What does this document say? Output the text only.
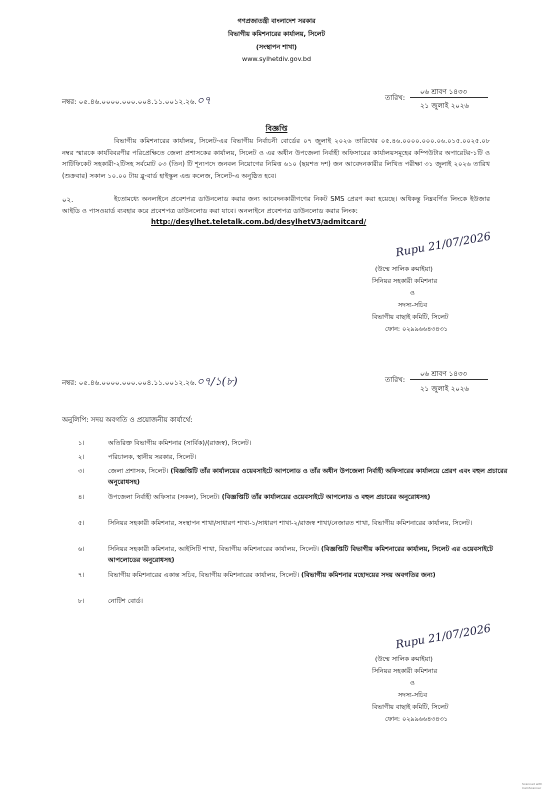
গণপ্রজাতন্ত্রী বাংলাদেশ সরকার
বিভাগীয় কমিশনারের কার্যালয়, সিলেট
(সংস্থাপন শাখা)
www.sylhetdiv.gov.bd
নম্বর: ০৫.৪৬.০০০০.০০০.০০৪.১১.০০১২.২৬.০৭	তারিখ:
০৬ শ্রাবণ ১৪৩৩
২১ জুলাই ২০২৬
বিজ্ঞপ্তি
বিভাগীয় কমিশনারের কার্যালয়, সিলেট-এর বিভাগীয় নির্বাচনী বোর্ডের ০৭ জুলাই ২০২৬ তারিখের ০৫.৪৬.০০০০.০০০.০৬.০১৫.০০২৫.০৮ নম্বর স্মারকে কার্যবিবরণীর পরিপ্রেক্ষিতে জেলা প্রশাসকের কার্যালয়, সিলেট ও এর অধীন উপজেলা নির্বাহী অফিসারের কার্যালয়সমূহের কম্পিউটার অপারেটর-১টি ও সাটিফিকেট সহকারী-২টিসহ সর্বমোট ০৩ (তিন) টি শূন্যপদে জনবল নিয়োগের নিমিত্ত ৬১০ (ছয়শত দশ) জন আবেদনকারীর লিখিত পরীক্ষা ৩১ জুলাই ২০২৬ তারিখ (শুক্রবার) সকাল ১০.০০ টায় ব্লু-বার্ড হাইস্কুল এন্ড কলেজ, সিলেট-এ অনুষ্ঠিত হবে।
০২.	ইতোমধ্যে অনলাইনে প্রবেশপত্র ডাউনলোড করার জন্য আবেদনকারীগণের নিকট SMS প্রেরণ করা হয়েছে। অধিকন্তু নিম্নবর্ণিত লিংকে ইউজার আইডি ও পাসওয়ার্ড ব্যবহার করে প্রবেশপত্র ডাউনলোড করা যাবে। অনলাইনে প্রবেশপত্র ডাউনলোড করার লিংক:
http://desylhet.teletalk.com.bd/desylhetV3/admitcard/
Rupu 21/07/2026
(উম্মে সালিক রুমাইয়া)
সিনিয়র সহকারী কমিশনার
ও
সদস্য-সচিব
বিভাগীয় বাছাই কমিটি, সিলেট
ফোন: ০২৯৯৬৬৪৩৪৩১
নম্বর: ০৫.৪৬.০০০০.০০০.০০৪.১১.০০১২.২৬.০৭/১(৮)	তারিখ:
০৬ শ্রাবণ ১৪৩৩
২১ জুলাই ২০২৬
অনুলিপি: সদয় অবগতি ও প্রয়োজনীয় কার্যার্থে:
১।	অতিরিক্ত বিভাগীয় কমিশনার (সার্বিক)/(রাজস্ব), সিলেট।
২।	পরিচালক, স্থানীয় সরকার, সিলেট।
৩।	জেলা প্রশাসক, সিলেট। (বিজ্ঞপ্তিটি তাঁর কার্যালয়ের ওয়েবসাইটে আপলোড ও তাঁর অধীন উপজেলা নির্বাহী অফিসারের কার্যালয়ে প্রেরণ এবং বহুল প্রচারের অনুরোধসহ)
৪।	উপজেলা নির্বাহী অফিসার (সকল), সিলেট। (বিজ্ঞপ্তিটি তাঁর কার্যালয়ের ওয়েবসাইটে আপলোড ও বহুল প্রচারের অনুরোধসহ)
৫।	সিনিয়র সহকারী কমিশনার, সংস্থাপন শাখা/সাধারণ শাখা-১/সাধারণ শাখা-২/রাজস্ব শাখা/নেজারত শাখা, বিভাগীয় কমিশনারের কার্যালয়, সিলেট।
৬।	সিনিয়র সহকারী কমিশনার, আইসিটি শাখা, বিভাগীয় কমিশনারের কার্যালয়, সিলেট। (বিজ্ঞপ্তিটি বিভাগীয় কমিশনারের কার্যালয়, সিলেট এর ওয়েবসাইটে আপলোডের অনুরোধসহ)
৭।	বিভাগীয় কমিশনারের একান্ত সচিব, বিভাগীয় কমিশনারের কার্যালয়, সিলেট। (বিভাগীয় কমিশনার মহোদয়ের সদয় অবগতির জন্য)
৮।	নোটিশ বোর্ড।
Rupu 21/07/2026
(উম্মে সালিক রুমাইয়া)
সিনিয়র সহকারী কমিশনার
ও
সদস্য-সচিব
বিভাগীয় বাছাই কমিটি, সিলেট
ফোন: ০২৯৯৬৬৪৩৪৩১
Scanned with CamScanner
